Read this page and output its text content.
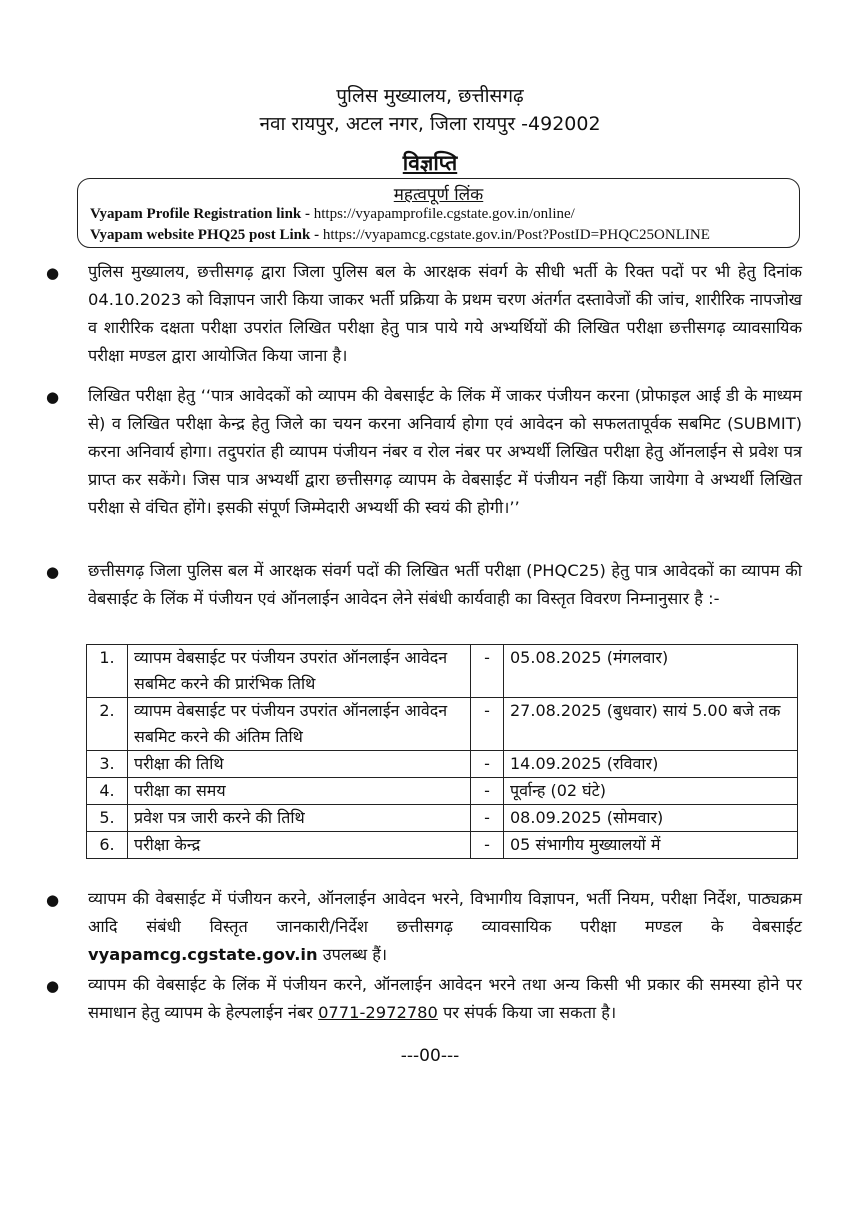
पुलिस मुख्यालय, छत्तीसगढ़
नवा रायपुर, अटल नगर, जिला रायपुर -492002
विज्ञप्ति
महत्वपूर्ण लिंक
Vyapam Profile Registration link - https://vyapamprofile.cgstate.gov.in/online/
Vyapam website PHQ25 post Link - https://vyapamcg.cgstate.gov.in/Post?PostID=PHQC25ONLINE
● पुलिस मुख्यालय, छत्तीसगढ़ द्वारा जिला पुलिस बल के आरक्षक संवर्ग के सीधी भर्ती के रिक्त पदों पर भी हेतु दिनांक 04.10.2023 को विज्ञापन जारी किया जाकर भर्ती प्रक्रिया के प्रथम चरण अंतर्गत दस्तावेजों की जांच, शारीरिक नापजोख व शारीरिक दक्षता परीक्षा उपरांत लिखित परीक्षा हेतु पात्र पाये गये अभ्यर्थियों की लिखित परीक्षा छत्तीसगढ़ व्यावसायिक परीक्षा मण्डल द्वारा आयोजित किया जाना है।
● लिखित परीक्षा हेतु ‘‘पात्र आवेदकों को व्यापम की वेबसाईट के लिंक में जाकर पंजीयन करना (प्रोफाइल आई डी के माध्यम से) व लिखित परीक्षा केन्द्र हेतु जिले का चयन करना अनिवार्य होगा एवं आवेदन को सफलतापूर्वक सबमिट (SUBMIT) करना अनिवार्य होगा। तदुपरांत ही व्यापम पंजीयन नंबर व रोल नंबर पर अभ्यर्थी लिखित परीक्षा हेतु ऑनलाईन से प्रवेश पत्र प्राप्त कर सकेंगे। जिस पात्र अभ्यर्थी द्वारा छत्तीसगढ़ व्यापम के वेबसाईट में पंजीयन नहीं किया जायेगा वे अभ्यर्थी लिखित परीक्षा से वंचित होंगे। इसकी संपूर्ण जिम्मेदारी अभ्यर्थी की स्वयं की होगी।’’
● छत्तीसगढ़ जिला पुलिस बल में आरक्षक संवर्ग पदों की लिखित भर्ती परीक्षा (PHQC25) हेतु पात्र आवेदकों का व्यापम की वेबसाईट के लिंक में पंजीयन एवं ऑनलाईन आवेदन लेने संबंधी कार्यवाही का विस्तृत विवरण निम्नानुसार है :-
1.	व्यापम वेबसाईट पर पंजीयन उपरांत ऑनलाईन आवेदन सबमिट करने की प्रारंभिक तिथि	-	05.08.2025 (मंगलवार)
2.	व्यापम वेबसाईट पर पंजीयन उपरांत ऑनलाईन आवेदन सबमिट करने की अंतिम तिथि	-	27.08.2025 (बुधवार) सायं 5.00 बजे तक
3.	परीक्षा की तिथि	-	14.09.2025 (रविवार)
4.	परीक्षा का समय	-	पूर्वान्ह (02 घंटे)
5.	प्रवेश पत्र जारी करने की तिथि	-	08.09.2025 (सोमवार)
6.	परीक्षा केन्द्र	-	05 संभागीय मुख्यालयों में
● व्यापम की वेबसाईट में पंजीयन करने, ऑनलाईन आवेदन भरने, विभागीय विज्ञापन, भर्ती नियम, परीक्षा निर्देश, पाठ्यक्रम आदि संबंधी विस्तृत जानकारी/निर्देश छत्तीसगढ़ व्यावसायिक परीक्षा मण्डल के वेबसाईट vyapamcg.cgstate.gov.in उपलब्ध हैं।
● व्यापम की वेबसाईट के लिंक में पंजीयन करने, ऑनलाईन आवेदन भरने तथा अन्य किसी भी प्रकार की समस्या होने पर समाधान हेतु व्यापम के हेल्पलाईन नंबर 0771-2972780 पर संपर्क किया जा सकता है।
---00---
